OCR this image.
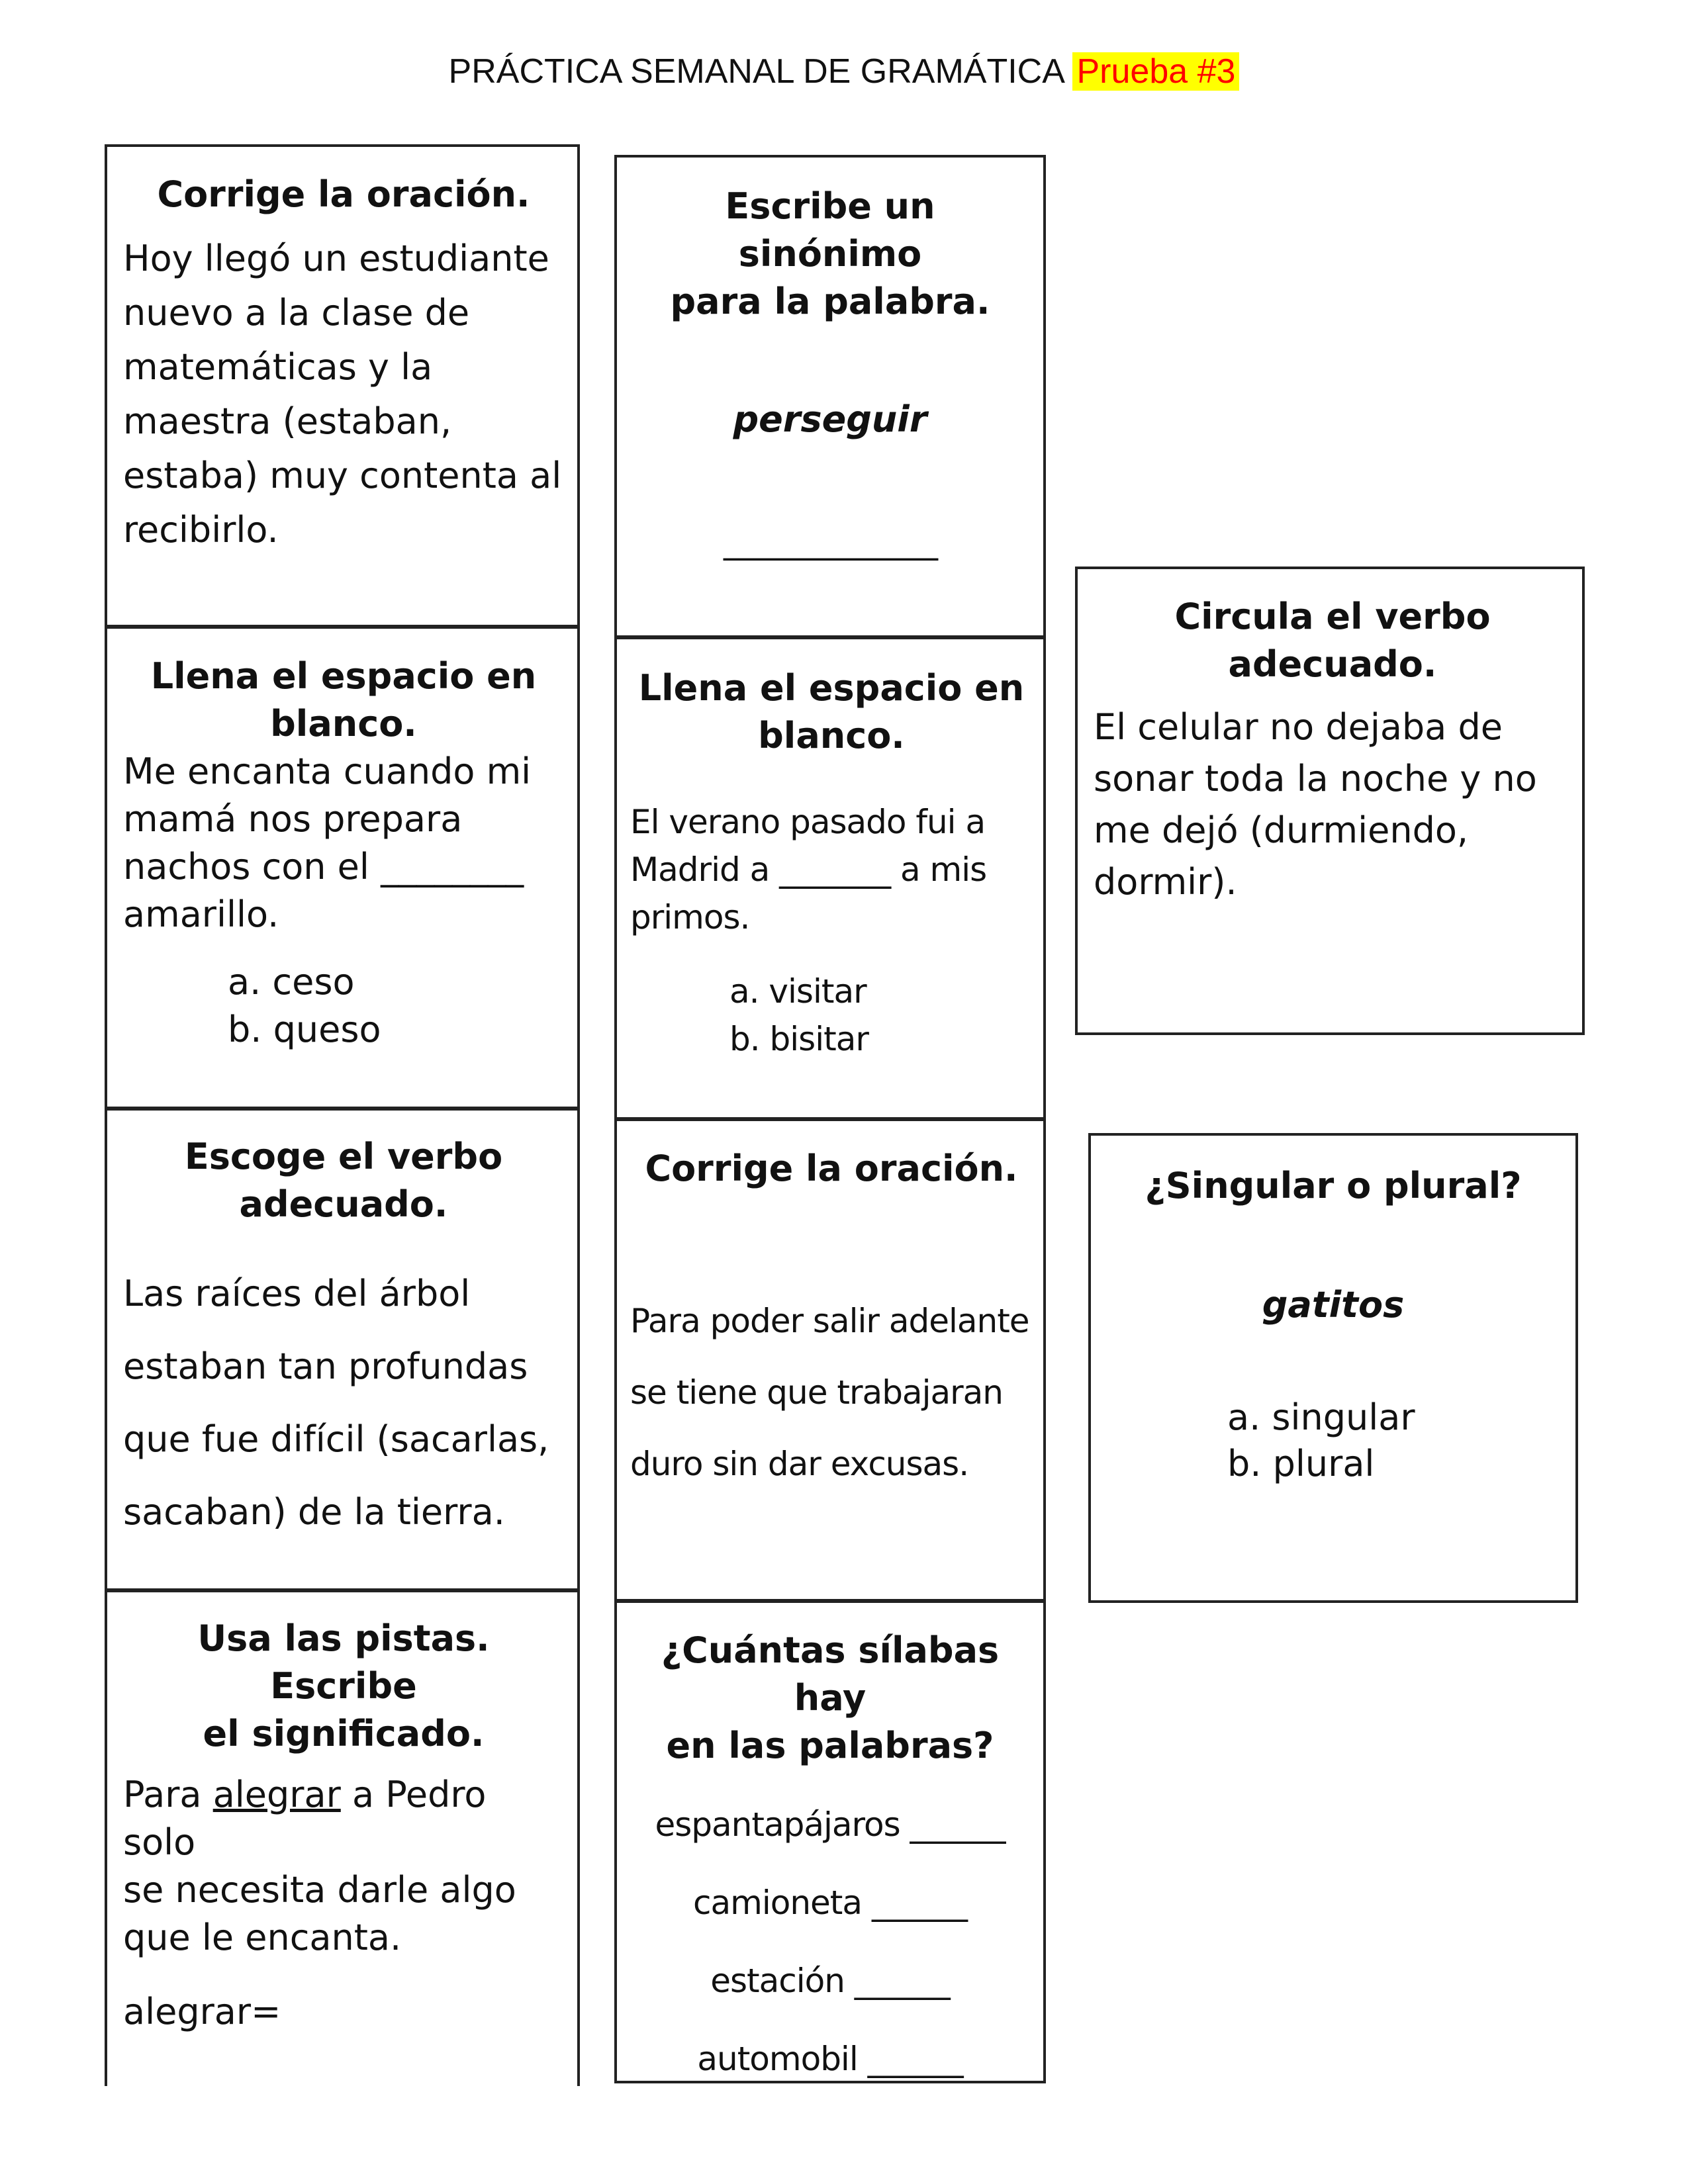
PRÁCTICA SEMANAL DE GRAMÁTICA Prueba #3

Corrige la oración.

Hoy llegó un estudiante
nuevo a la clase de
matemáticas y la
maestra (estaban,
estaba) muy contenta al
recibirlo.

Llena el espacio en
blanco.

Me encanta cuando mi
mamá nos prepara
nachos con el ________
amarillo.
a. ceso
b. queso

Escoge el verbo
adecuado.

Las raíces del árbol
estaban tan profundas
que fue difícil (sacarlas,
sacaban) de la tierra.

Usa las pistas. Escribe
el significado.

Para alegrar a Pedro solo
se necesita darle algo
que le encanta.
alegrar=

Escribe un sinónimo
para la palabra.

perseguir
______________

Llena el espacio en
blanco.

El verano pasado fui a
Madrid a _______ a mis
primos.
a. visitar
b. bisitar

Corrige la oración.

Para poder salir adelante
se tiene que trabajaran
duro sin dar excusas.

¿Cuántas sílabas hay
en las palabras?

espantapájaros ______
camioneta ______
estación ______
automobil ______

Circula el verbo
adecuado.

El celular no dejaba de
sonar toda la noche y no
me dejó (durmiendo,
dormir).

¿Singular o plural?

gatitos
a. singular
b. plural
